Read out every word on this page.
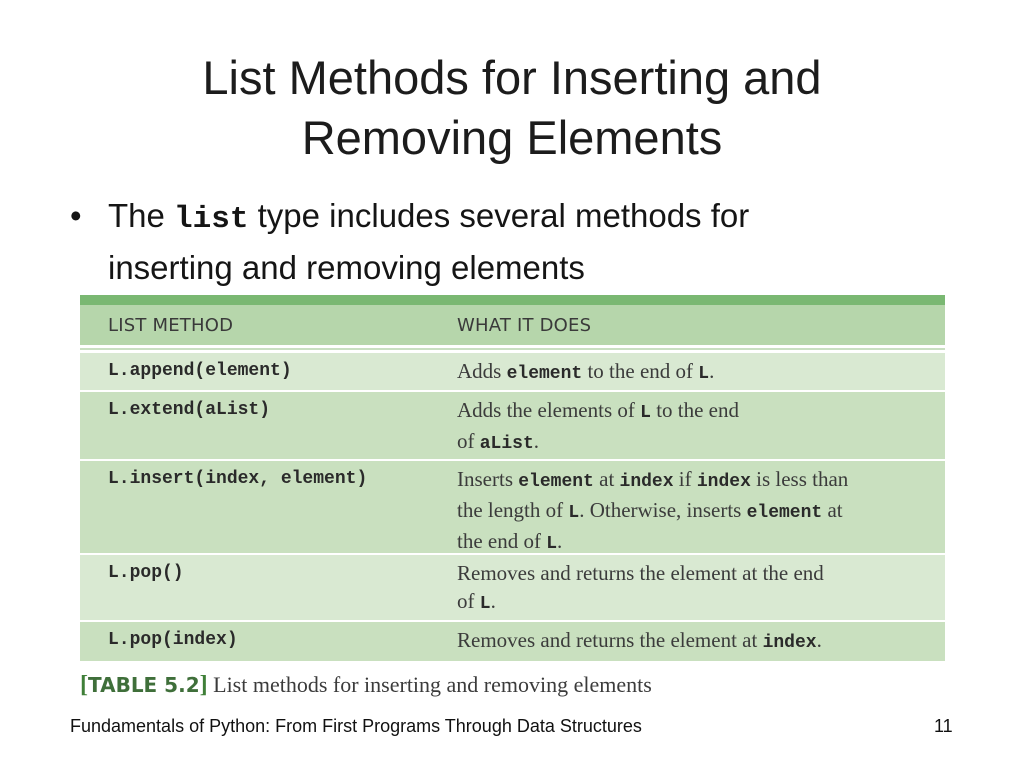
List Methods for Inserting and
Removing Elements
• The list type includes several methods for inserting and removing elements
LIST METHOD	WHAT IT DOES
L.append(element)	Adds element to the end of L.
L.extend(aList)	Adds the elements of L to the end
of aList.
L.insert(index, element)	Inserts element at index if index is less than
the length of L. Otherwise, inserts element at
the end of L.
L.pop()	Removes and returns the element at the end
of L.
L.pop(index)	Removes and returns the element at index.
[TABLE 5.2] List methods for inserting and removing elements
Fundamentals of Python: From First Programs Through Data Structures	11
